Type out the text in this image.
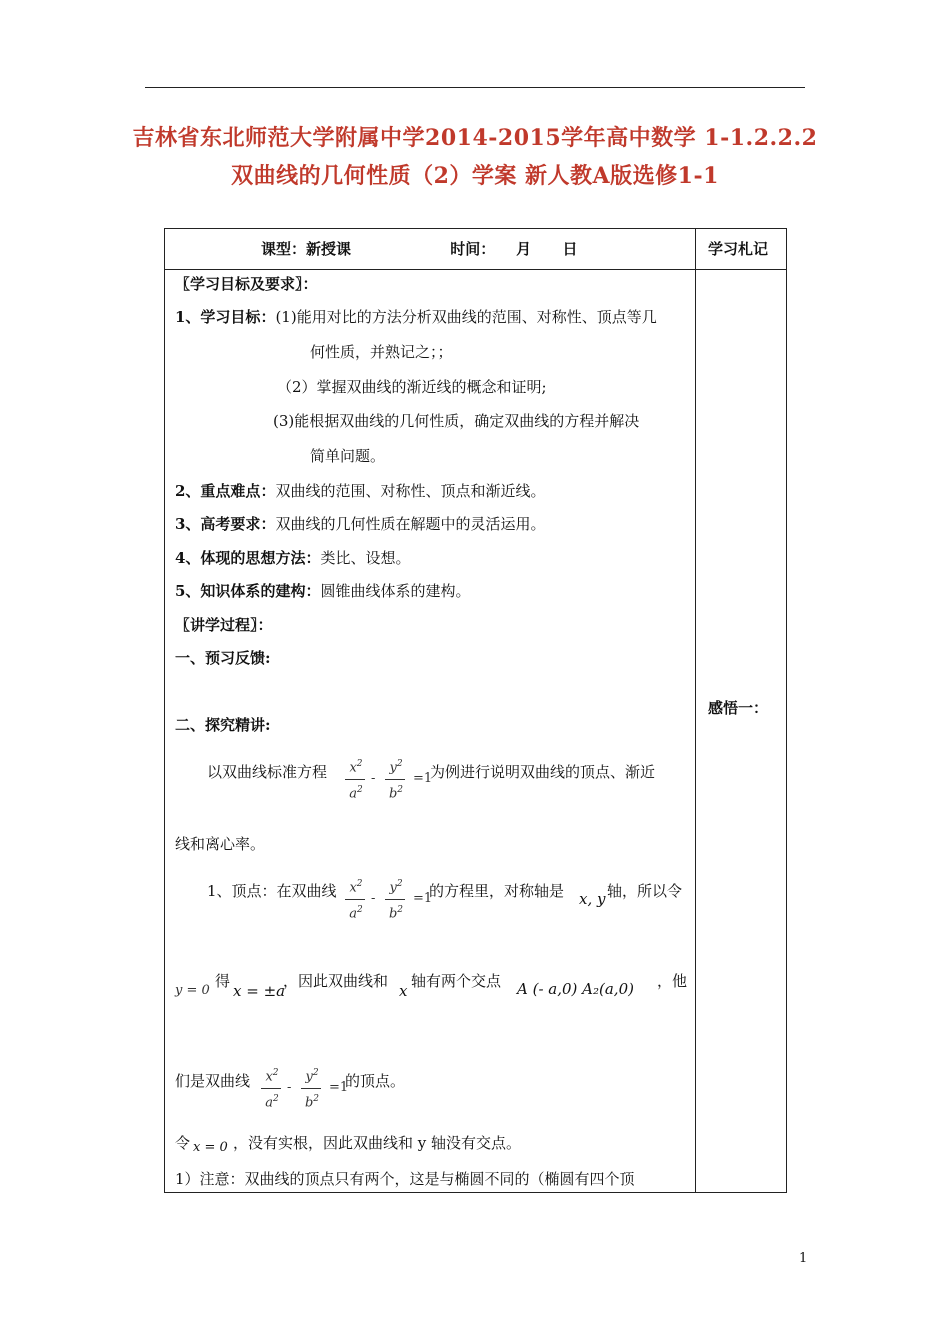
吉林省东北师范大学附属中学2014-2015学年高中数学 1-1.2.2.2
双曲线的几何性质（2）学案 新人教A版选修1-1
课型：新授课                   时间：    月      日	学习札记
感悟一：
〖学习目标及要求〗：
1、学习目标：(1)能用对比的方法分析双曲线的范围、对称性、顶点等几
何性质，并熟记之；；
（2）掌握双曲线的渐近线的概念和证明;
(3)能根据双曲线的几何性质，确定双曲线的方程并解决
简单问题。
2、重点难点：双曲线的范围、对称性、顶点和渐近线。
3、高考要求：双曲线的几何性质在解题中的灵活运用。
4、体现的思想方法：类比、设想。
5、知识体系的建构：圆锥曲线体系的建构。
〖讲学过程〗：
一、预习反馈:
二、探究精讲:
以双曲线标准方程	$x^2$
$a^2$
-
$y^2$
$b^2$
=1
为例进行说明双曲线的顶点、渐近
线和离心率。
1、顶点：在双曲线 $x^2$
$a^2$
-
$y^2$
$b^2$
=1
的方程里，对称轴是 x, y 轴，所以令
y = 0
得
x = ±a
，因此双曲线和
x
轴有两个交点 A (- a,0) A₂(a,0) ，他
们是双曲线	$x^2$
$a^2$
-
$y^2$
$b^2$
=1
的顶点。
令 x = 0 ，没有实根，因此双曲线和 y 轴没有交点。
1）注意：双曲线的顶点只有两个，这是与椭圆不同的（椭圆有四个顶
1
